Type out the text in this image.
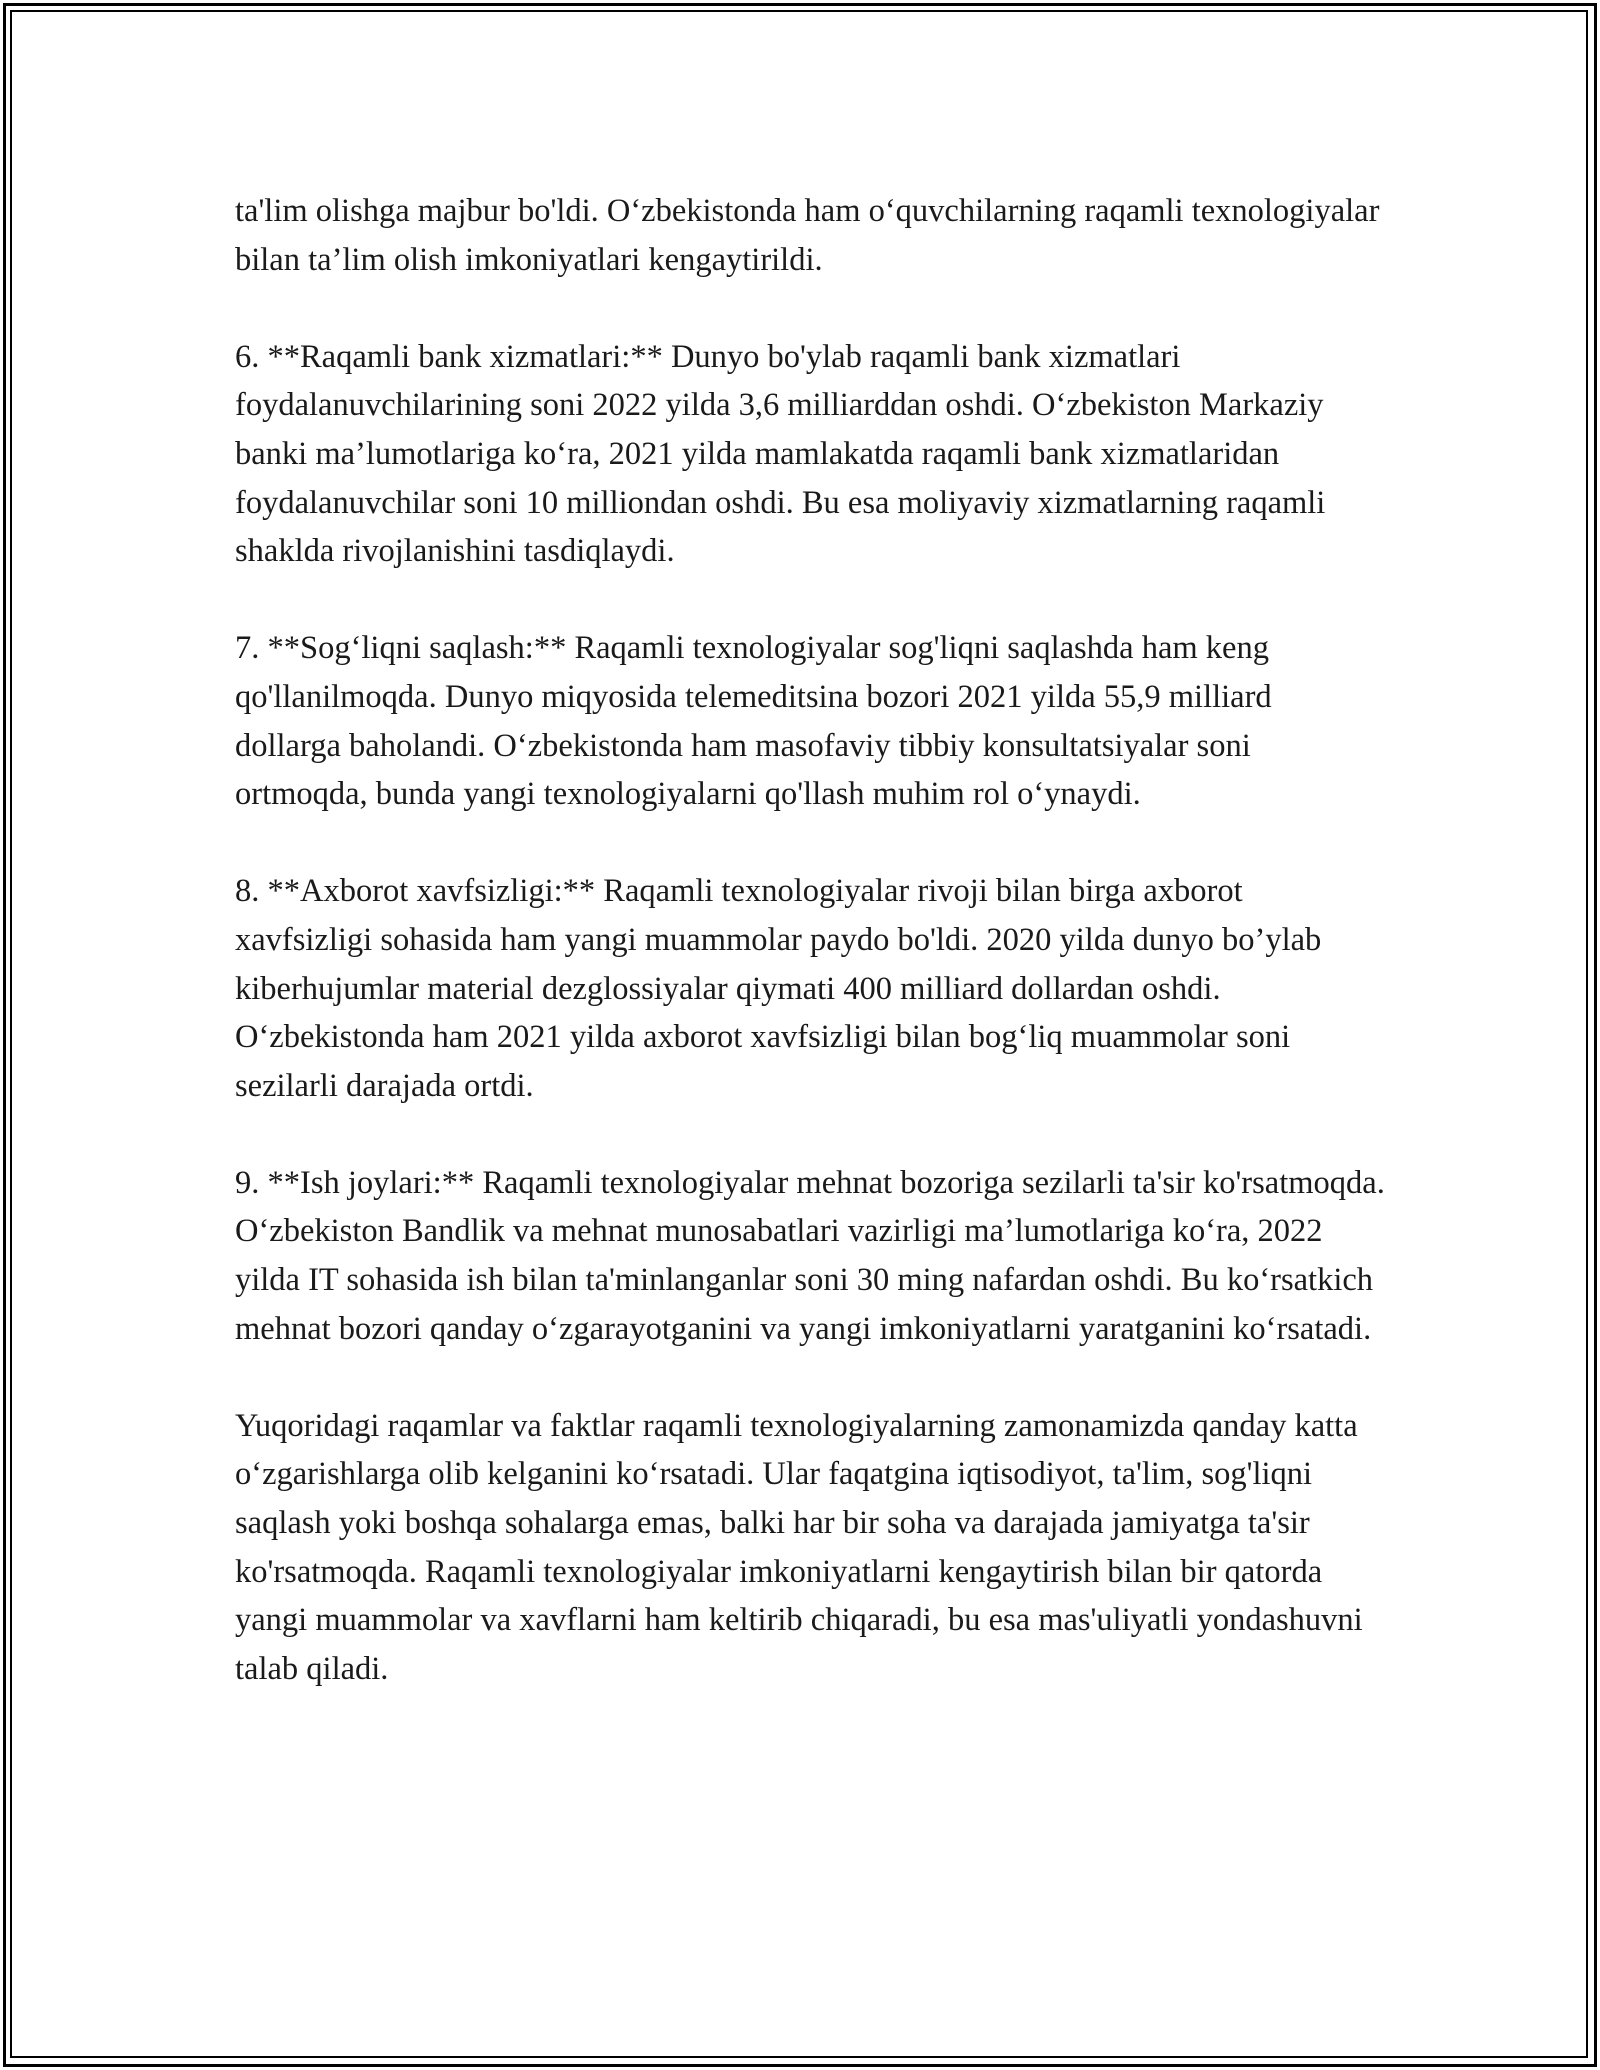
ta'lim olishga majbur bo'ldi. O‘zbekistonda ham o‘quvchilarning raqamli texnologiyalar bilan ta’lim olish imkoniyatlari kengaytirildi.

6. **Raqamli bank xizmatlari:** Dunyo bo'ylab raqamli bank xizmatlari foydalanuvchilarining soni 2022 yilda 3,6 milliarddan oshdi. O‘zbekiston Markaziy banki ma’lumotlariga ko‘ra, 2021 yilda mamlakatda raqamli bank xizmatlaridan foydalanuvchilar soni 10 milliondan oshdi. Bu esa moliyaviy xizmatlarning raqamli shaklda rivojlanishini tasdiqlaydi.

7. **Sog‘liqni saqlash:** Raqamli texnologiyalar sog'liqni saqlashda ham keng qo'llanilmoqda. Dunyo miqyosida telemeditsina bozori 2021 yilda 55,9 milliard dollarga baholandi. O‘zbekistonda ham masofaviy tibbiy konsultatsiyalar soni ortmoqda, bunda yangi texnologiyalarni qo'llash muhim rol o‘ynaydi.

8. **Axborot xavfsizligi:** Raqamli texnologiyalar rivoji bilan birga axborot xavfsizligi sohasida ham yangi muammolar paydo bo'ldi. 2020 yilda dunyo bo’ylab kiberhujumlar material dezglossiyalar qiymati 400 milliard dollardan oshdi. O‘zbekistonda ham 2021 yilda axborot xavfsizligi bilan bog‘liq muammolar soni sezilarli darajada ortdi.

9. **Ish joylari:** Raqamli texnologiyalar mehnat bozoriga sezilarli ta'sir ko'rsatmoqda. O‘zbekiston Bandlik va mehnat munosabatlari vazirligi ma’lumotlariga ko‘ra, 2022 yilda IT sohasida ish bilan ta'minlanganlar soni 30 ming nafardan oshdi. Bu ko‘rsatkich mehnat bozori qanday o‘zgarayotganini va yangi imkoniyatlarni yaratganini ko‘rsatadi.

Yuqoridagi raqamlar va faktlar raqamli texnologiyalarning zamonamizda qanday katta o‘zgarishlarga olib kelganini ko‘rsatadi. Ular faqatgina iqtisodiyot, ta'lim, sog'liqni saqlash yoki boshqa sohalarga emas, balki har bir soha va darajada jamiyatga ta'sir ko'rsatmoqda. Raqamli texnologiyalar imkoniyatlarni kengaytirish bilan bir qatorda yangi muammolar va xavflarni ham keltirib chiqaradi, bu esa mas'uliyatli yondashuvni talab qiladi.
